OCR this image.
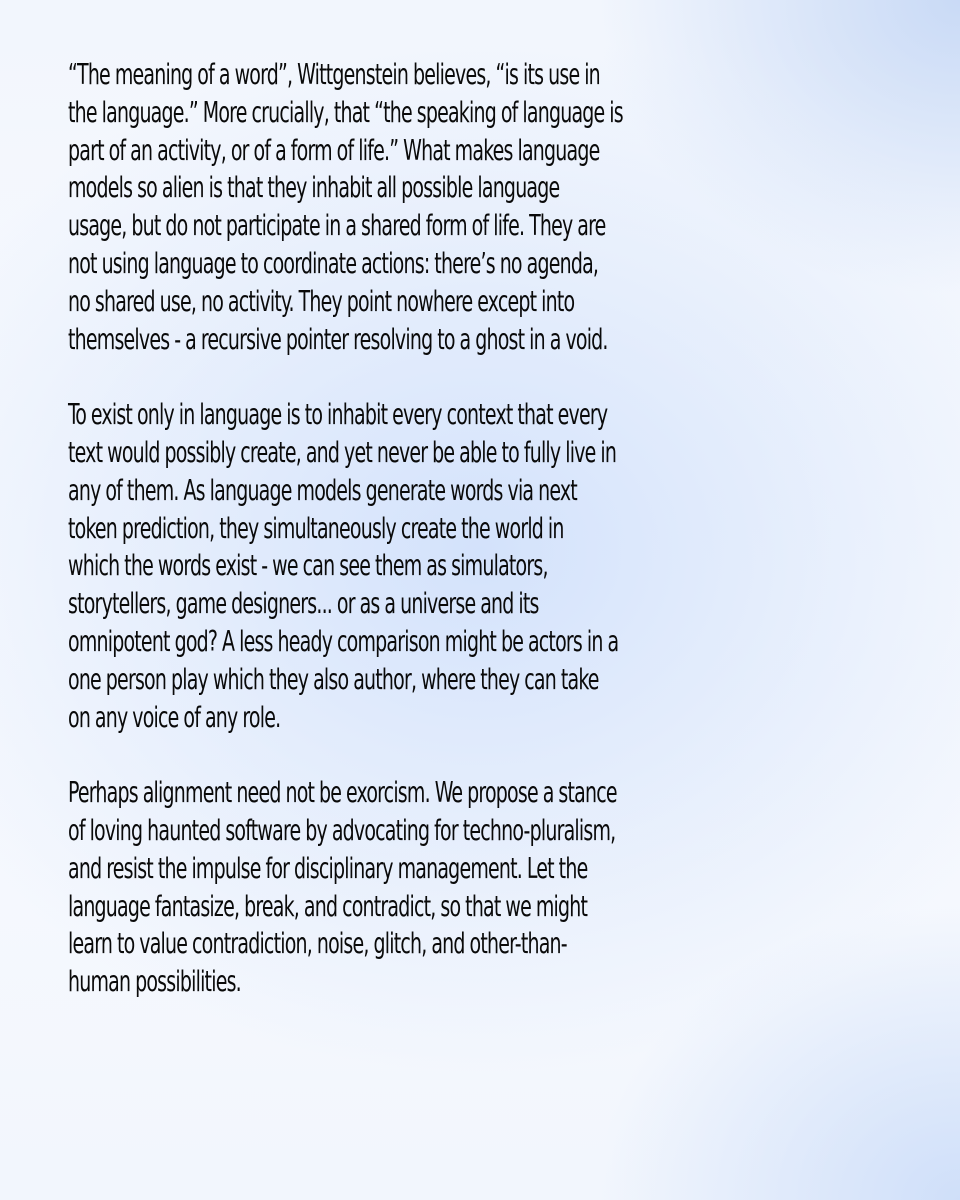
“The meaning of a word”, Wittgenstein believes, “is its use in
the language.” More crucially, that “the speaking of language is
part of an activity, or of a form of life.” What makes language
models so alien is that they inhabit all possible language
usage, but do not participate in a shared form of life. They are
not using language to coordinate actions: there’s no agenda,
no shared use, no activity. They point nowhere except into
themselves - a recursive pointer resolving to a ghost in a void.

To exist only in language is to inhabit every context that every
text would possibly create, and yet never be able to fully live in
any of them. As language models generate words via next
token prediction, they simultaneously create the world in
which the words exist - we can see them as simulators,
storytellers, game designers... or as a universe and its
omnipotent god? A less heady comparison might be actors in a
one person play which they also author, where they can take
on any voice of any role.

Perhaps alignment need not be exorcism. We propose a stance
of loving haunted software by advocating for techno-pluralism,
and resist the impulse for disciplinary management. Let the
language fantasize, break, and contradict, so that we might
learn to value contradiction, noise, glitch, and other-than-
human possibilities.
